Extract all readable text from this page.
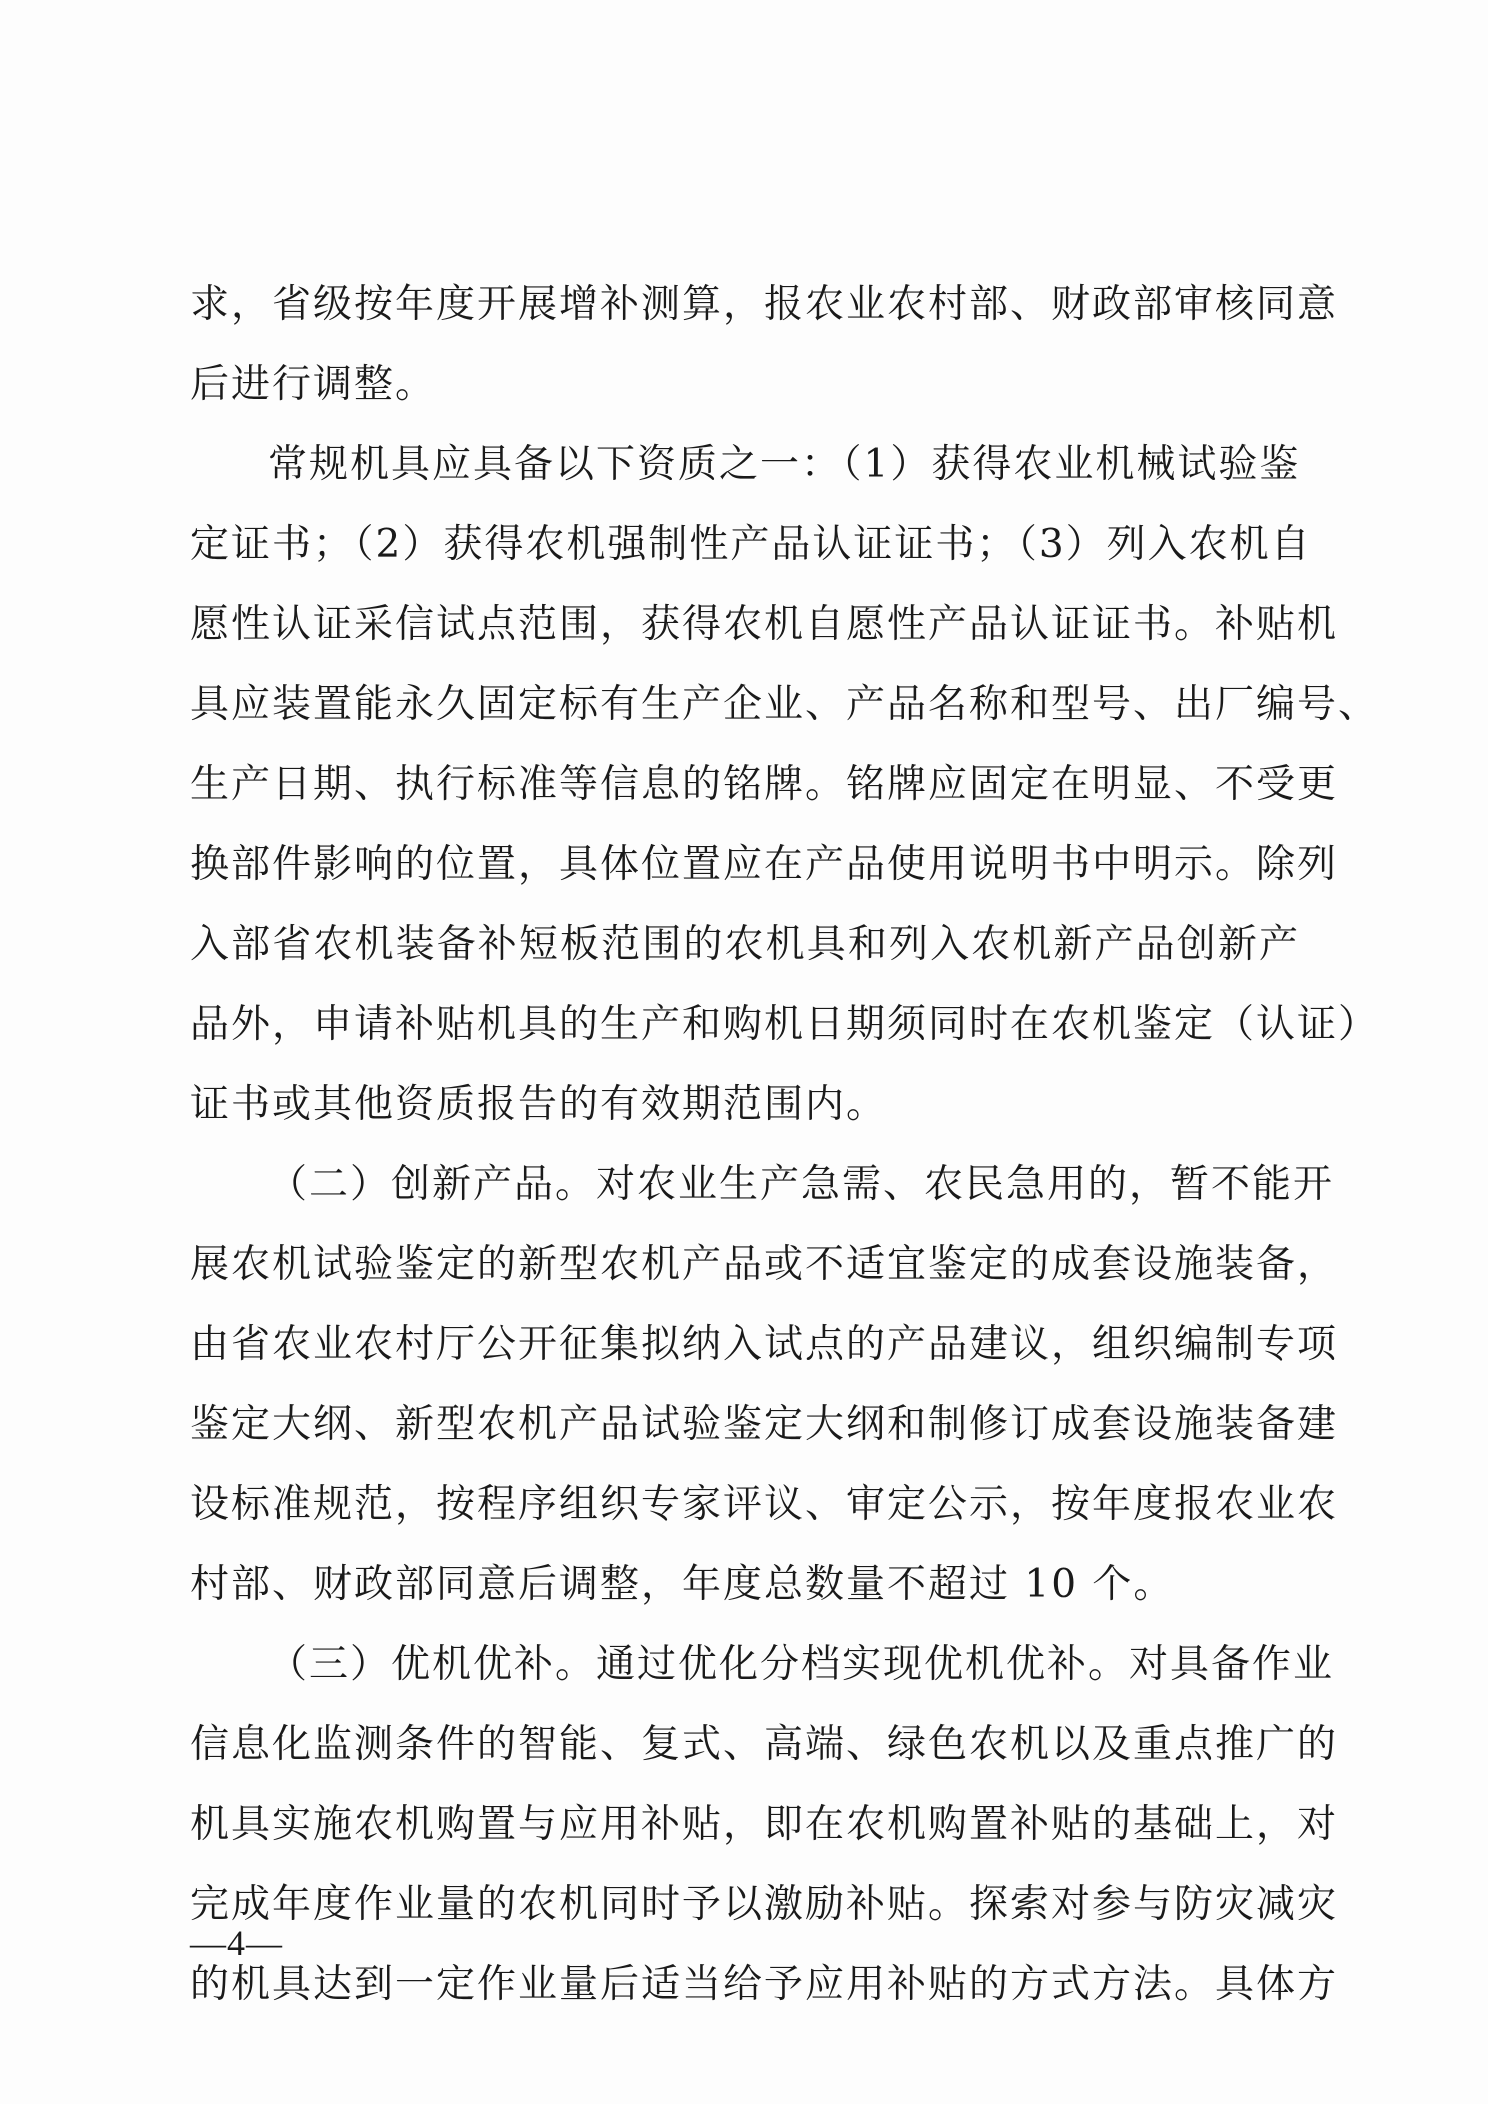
求，省级按年度开展增补测算，报农业农村部、财政部审核同意
后进行调整。
常规机具应具备以下资质之一：（1）获得农业机械试验鉴
定证书；（2）获得农机强制性产品认证证书；（3）列入农机自
愿性认证采信试点范围，获得农机自愿性产品认证证书。补贴机
具应装置能永久固定标有生产企业、产品名称和型号、出厂编号、
生产日期、执行标准等信息的铭牌。铭牌应固定在明显、不受更
换部件影响的位置，具体位置应在产品使用说明书中明示。除列
入部省农机装备补短板范围的农机具和列入农机新产品创新产
品外，申请补贴机具的生产和购机日期须同时在农机鉴定（认证）
证书或其他资质报告的有效期范围内。
（二）创新产品。对农业生产急需、农民急用的，暂不能开
展农机试验鉴定的新型农机产品或不适宜鉴定的成套设施装备，
由省农业农村厅公开征集拟纳入试点的产品建议，组织编制专项
鉴定大纲、新型农机产品试验鉴定大纲和制修订成套设施装备建
设标准规范，按程序组织专家评议、审定公示，按年度报农业农
村部、财政部同意后调整，年度总数量不超过 10 个。
（三）优机优补。通过优化分档实现优机优补。对具备作业
信息化监测条件的智能、复式、高端、绿色农机以及重点推广的
机具实施农机购置与应用补贴，即在农机购置补贴的基础上，对
完成年度作业量的农机同时予以激励补贴。探索对参与防灾减灾
的机具达到一定作业量后适当给予应用补贴的方式方法。具体方
—4—
